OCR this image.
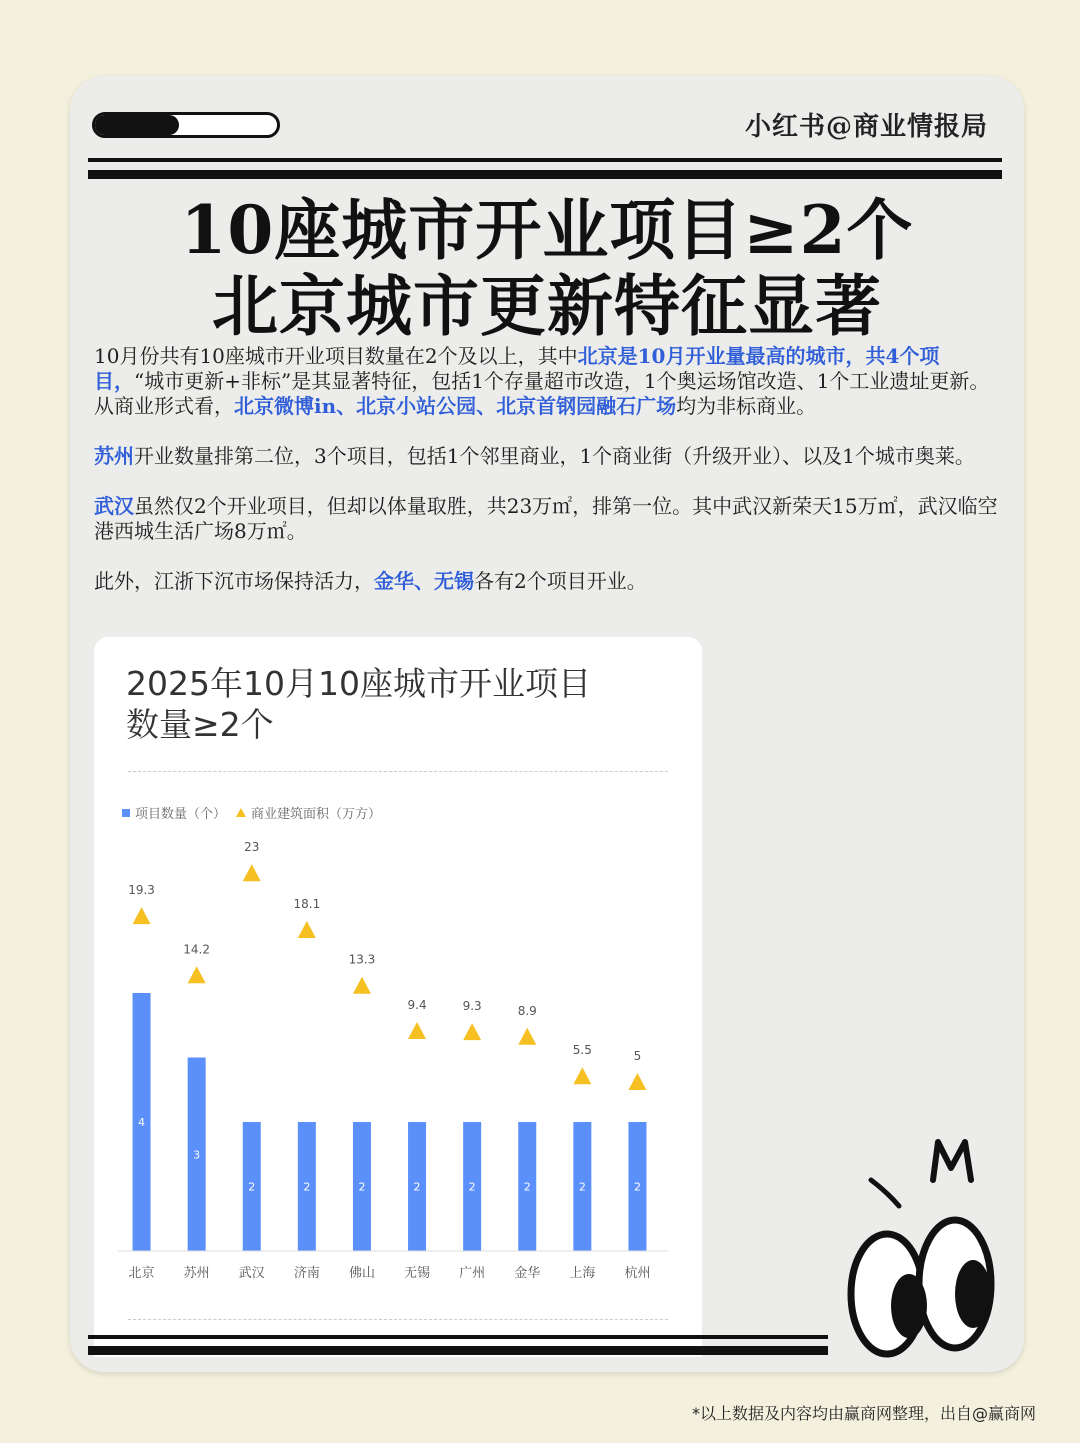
小红书@商业情报局
10座城市开业项目≥2个
北京城市更新特征显著

10月份共有10座城市开业项目数量在2个及以上，其中北京是10月开业量最高的城市，共4个项目，“城市更新+非标”是其显著特征，包括1个存量超市改造，1个奥运场馆改造、1个工业遗址更新。从商业形式看，北京微博in、北京小站公园、北京首钢园融石广场均为非标商业。

苏州开业数量排第二位，3个项目，包括1个邻里商业，1个商业街（升级开业）、以及1个城市奥莱。

武汉虽然仅2个开业项目，但却以体量取胜，共23万㎡，排第一位。其中武汉新荣天15万㎡，武汉临空港西城生活广场8万㎡。

此外，江浙下沉市场保持活力，金华、无锡各有2个项目开业。

2025年10月10座城市开业项目
数量≥2个
项目数量（个） 商业建筑面积（万方）
4
19.3
北京
3
14.2
苏州
2
23
武汉
2
18.1
济南
2
13.3
佛山
2
9.4
无锡
2
9.3
广州
2
8.9
金华
2
5.5
上海
2
5
杭州
*以上数据及内容均由赢商网整理，出自@赢商网
